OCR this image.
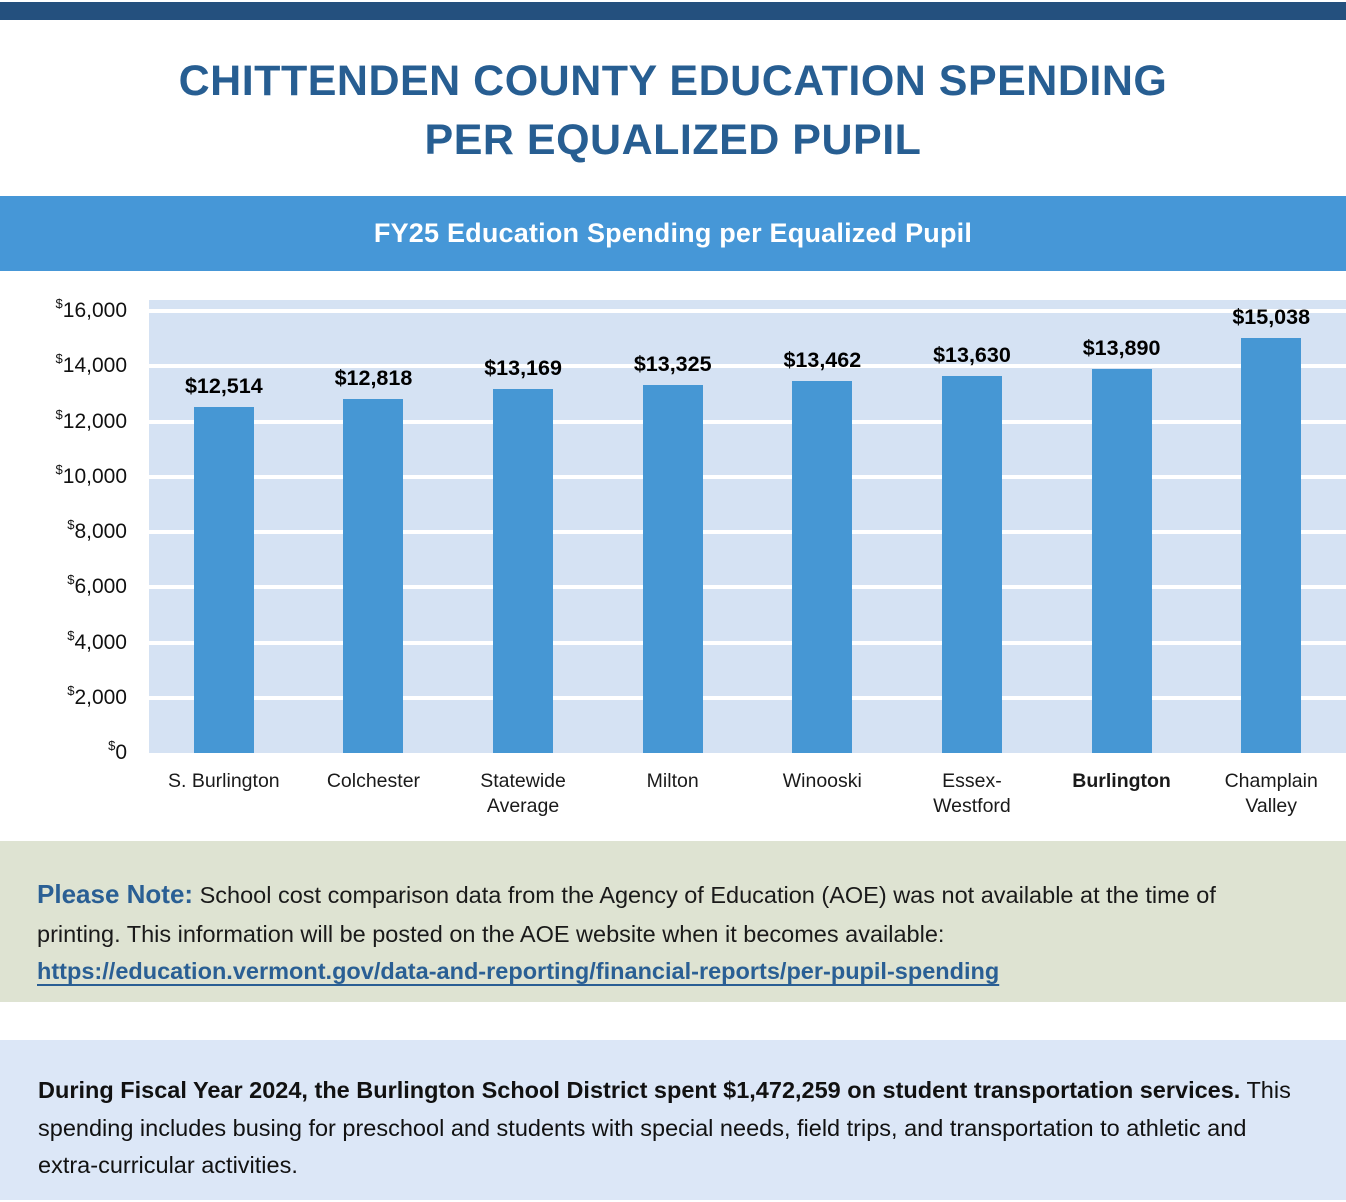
CHITTENDEN COUNTY EDUCATION SPENDING
PER EQUALIZED PUPIL
FY25 Education Spending per Equalized Pupil
$0
$2,000
$4,000
$6,000
$8,000
$10,000
$12,000
$14,000
$16,000
$12,514	$12,818	$13,169	$13,325	$13,462	$13,630	$13,890
$15,038
S. Burlington	Colchester	Statewide Average
Milton	Winooski	Essex-Westford
Burlington	Champlain Valley
Please Note: School cost comparison data from the Agency of Education (AOE) was not available at the time of printing. This information will be posted on the AOE website when it becomes available:
https://education.vermont.gov/data-and-reporting/financial-reports/per-pupil-spending
During Fiscal Year 2024, the Burlington School District spent $1,472,259 on student transportation services. This spending includes busing for preschool and students with special needs, field trips, and transportation to athletic and extra-curricular activities.
